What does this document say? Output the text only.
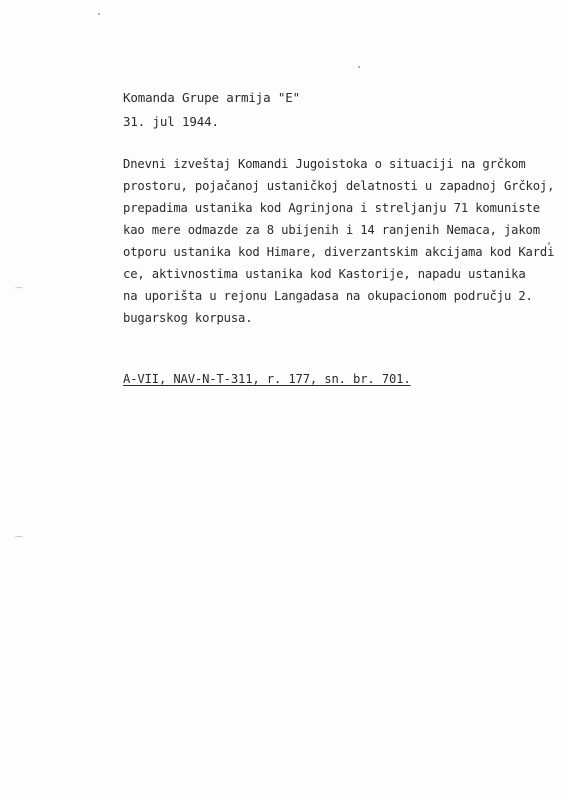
Komanda Grupe armija "E"
31. jul 1944.
Dnevni izveštaj Komandi Jugoistoka o situaciji na grčkom
prostoru, pojačanoj ustaničkoj delatnosti u zapadnoj Grčkoj,
prepadima ustanika kod Agrinjona i streljanju 71 komuniste
kao mere odmazde za 8 ubijenih i 14 ranjenih Nemaca, jakom
otporu ustanika kod Himare, diverzantskim akcijama kod Kardi
ce, aktivnostima ustanika kod Kastorije, napadu ustanika
na uporišta u rejonu Langadasa na okupacionom području 2.
bugarskog korpusa.
A-VII, NAV-N-T-311, r. 177, sn. br. 701.
